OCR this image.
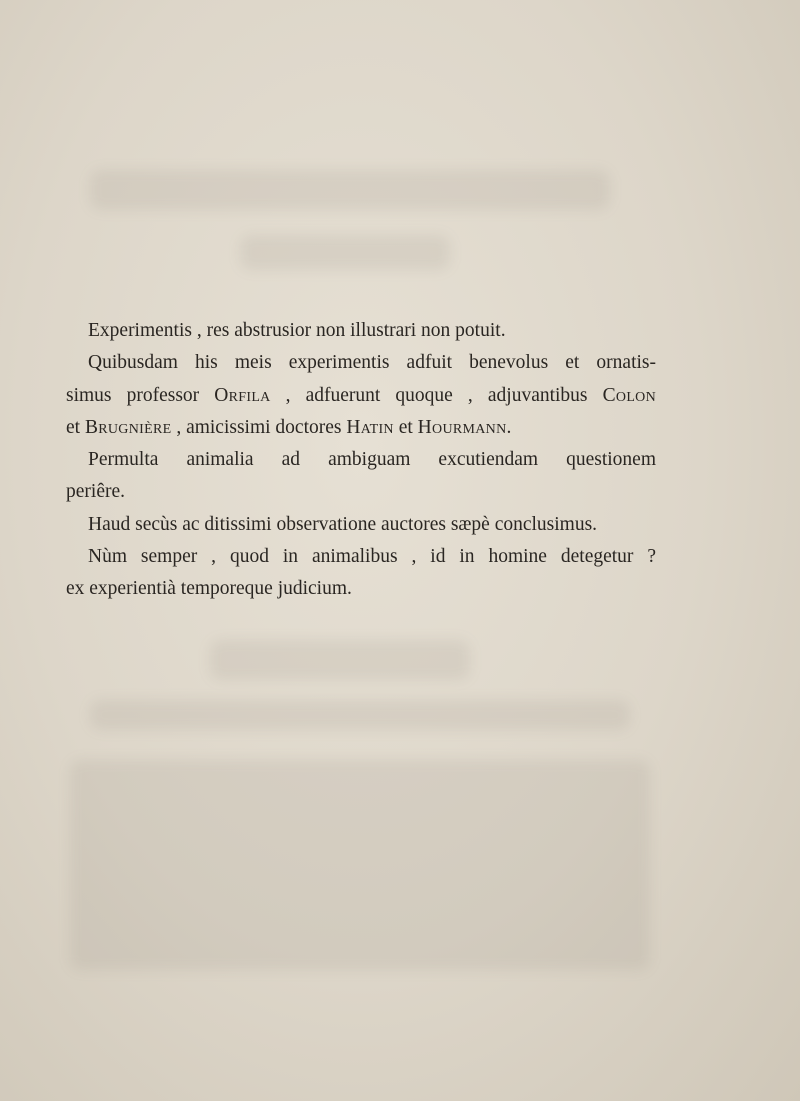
Experimentis , res abstrusior non illustrari non potuit.
Quibusdam his meis experimentis adfuit benevolus et ornatis-
simus professor Orfila , adfuerunt quoque , adjuvantibus Colon
et Brugnière , amicissimi doctores Hatin et Hourmann.
Permulta animalia ad ambiguam excutiendam questionem
periêre.
Haud secùs ac ditissimi observatione auctores sæpè conclusimus.
Nùm semper , quod in animalibus , id in homine detegetur ?
ex experientià temporeque judicium.
